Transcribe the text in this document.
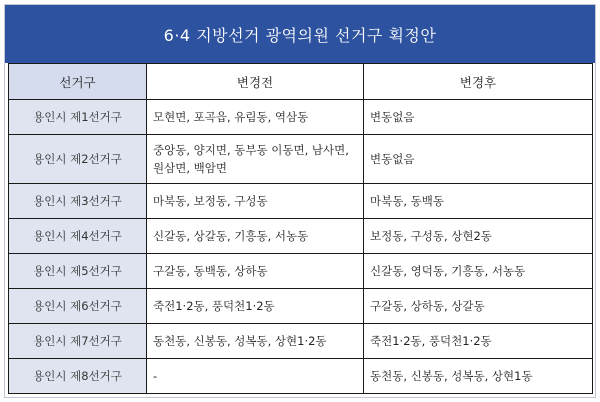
6·4 지방선거 광역의원 선거구 획정안
선거구	변경전	변경후
용인시 제1선거구	모현면, 포곡읍, 유림동, 역삼동	변동없음
용인시 제2선거구	중앙동, 양지면, 동부동 이동면, 남사면, 원삼면, 백암면	변동없음
용인시 제3선거구	마북동, 보정동, 구성동	마북동, 동백동
용인시 제4선거구	신갈동, 상갈동, 기흥동, 서농동	보정동, 구성동, 상현2동
용인시 제5선거구	구갈동, 동백동, 상하동	신갈동, 영덕동, 기흥동, 서농동
용인시 제6선거구	죽전1·2동, 풍덕천1·2동	구갈동, 상하동, 상갈동
용인시 제7선거구	동천동, 신봉동, 성복동, 상현1·2동	죽전1·2동, 풍덕천1·2동
용인시 제8선거구	-	동천동, 신봉동, 성복동, 상현1동
